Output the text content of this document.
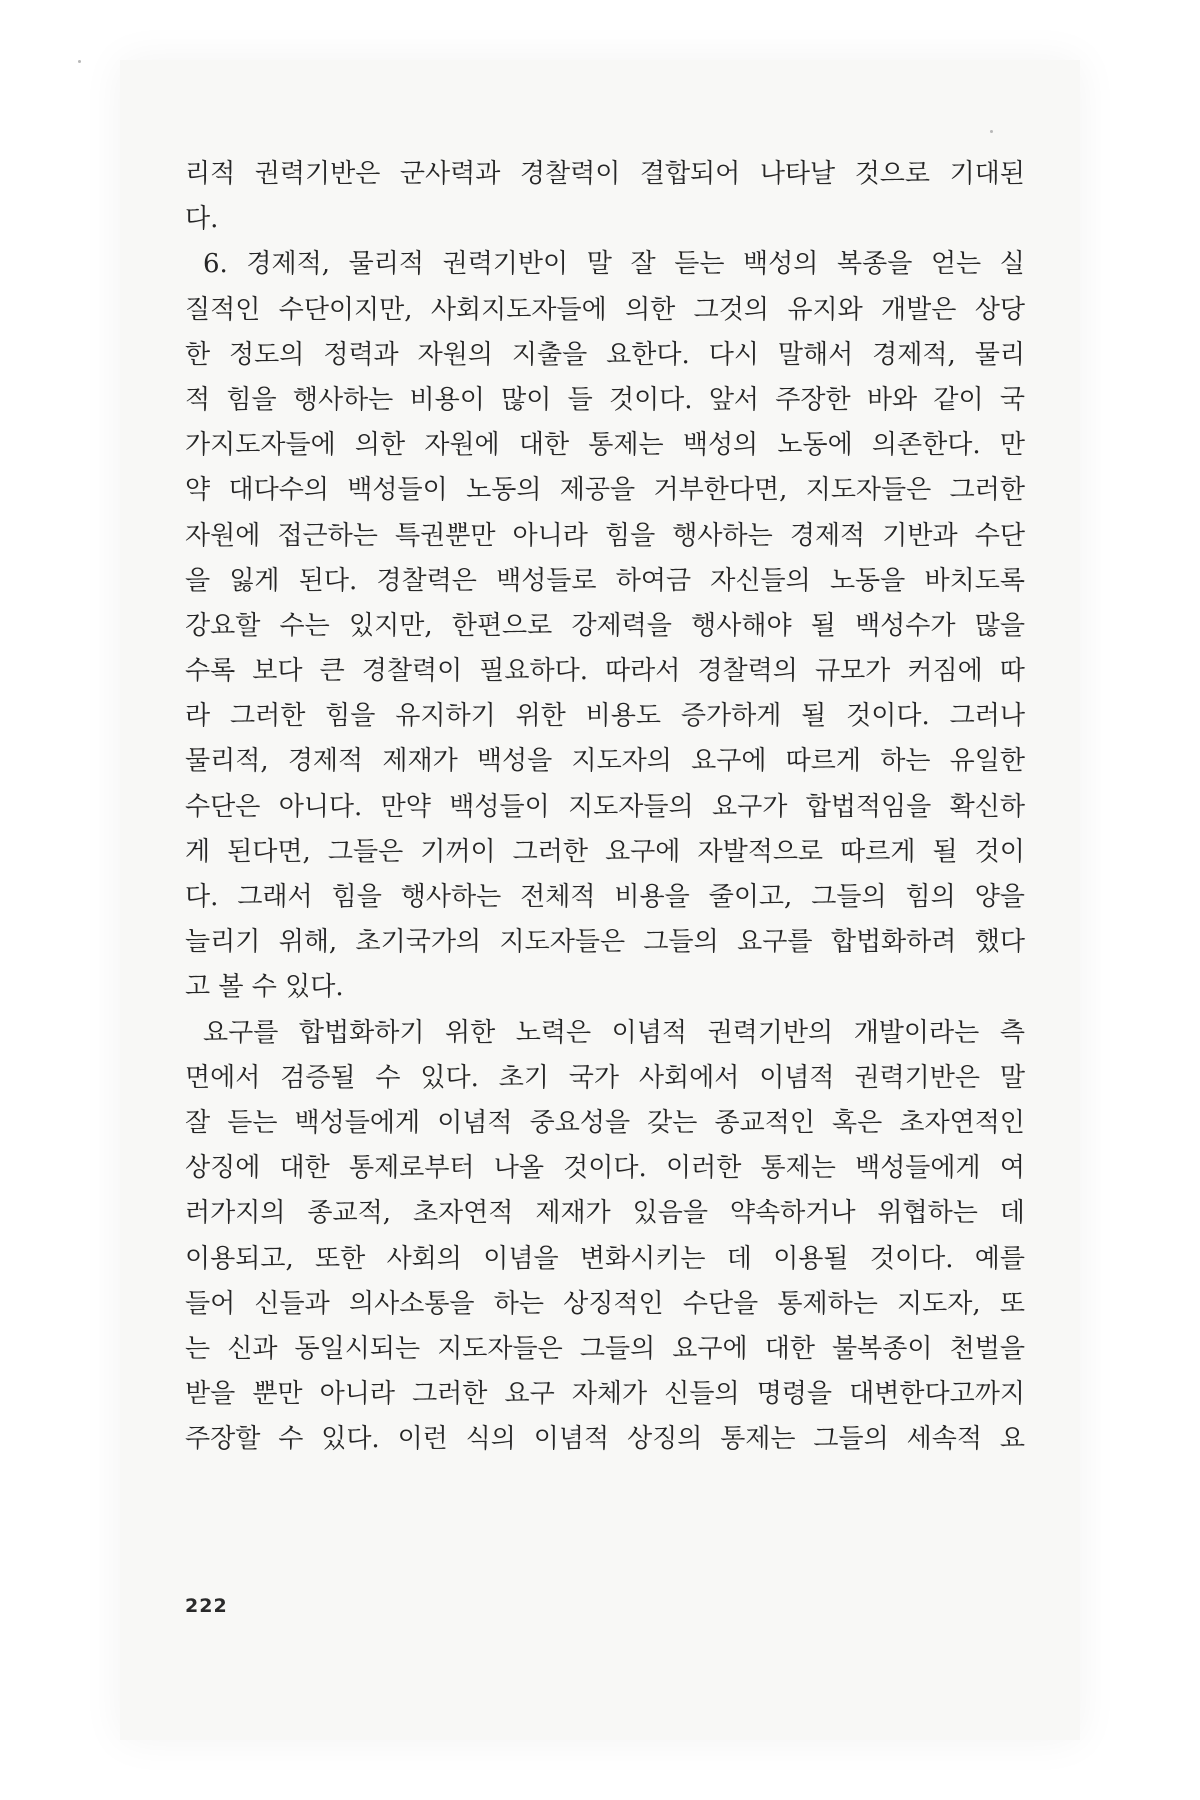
리적 권력기반은 군사력과 경찰력이 결합되어 나타날 것으로 기대된
다.
6. 경제적, 물리적 권력기반이 말 잘 듣는 백성의 복종을 얻는 실
질적인 수단이지만, 사회지도자들에 의한 그것의 유지와 개발은 상당
한 정도의 정력과 자원의 지출을 요한다. 다시 말해서 경제적, 물리
적 힘을 행사하는 비용이 많이 들 것이다. 앞서 주장한 바와 같이 국
가지도자들에 의한 자원에 대한 통제는 백성의 노동에 의존한다. 만
약 대다수의 백성들이 노동의 제공을 거부한다면, 지도자들은 그러한
자원에 접근하는 특권뿐만 아니라 힘을 행사하는 경제적 기반과 수단
을 잃게 된다. 경찰력은 백성들로 하여금 자신들의 노동을 바치도록
강요할 수는 있지만, 한편으로 강제력을 행사해야 될 백성수가 많을
수록 보다 큰 경찰력이 필요하다. 따라서 경찰력의 규모가 커짐에 따
라 그러한 힘을 유지하기 위한 비용도 증가하게 될 것이다. 그러나
물리적, 경제적 제재가 백성을 지도자의 요구에 따르게 하는 유일한
수단은 아니다. 만약 백성들이 지도자들의 요구가 합법적임을 확신하
게 된다면, 그들은 기꺼이 그러한 요구에 자발적으로 따르게 될 것이
다. 그래서 힘을 행사하는 전체적 비용을 줄이고, 그들의 힘의 양을
늘리기 위해, 초기국가의 지도자들은 그들의 요구를 합법화하려 했다
고 볼 수 있다.
요구를 합법화하기 위한 노력은 이념적 권력기반의 개발이라는 측
면에서 검증될 수 있다. 초기 국가 사회에서 이념적 권력기반은 말
잘 듣는 백성들에게 이념적 중요성을 갖는 종교적인 혹은 초자연적인
상징에 대한 통제로부터 나올 것이다. 이러한 통제는 백성들에게 여
러가지의 종교적, 초자연적 제재가 있음을 약속하거나 위협하는 데
이용되고, 또한 사회의 이념을 변화시키는 데 이용될 것이다. 예를
들어 신들과 의사소통을 하는 상징적인 수단을 통제하는 지도자, 또
는 신과 동일시되는 지도자들은 그들의 요구에 대한 불복종이 천벌을
받을 뿐만 아니라 그러한 요구 자체가 신들의 명령을 대변한다고까지
주장할 수 있다. 이런 식의 이념적 상징의 통제는 그들의 세속적 요
222
